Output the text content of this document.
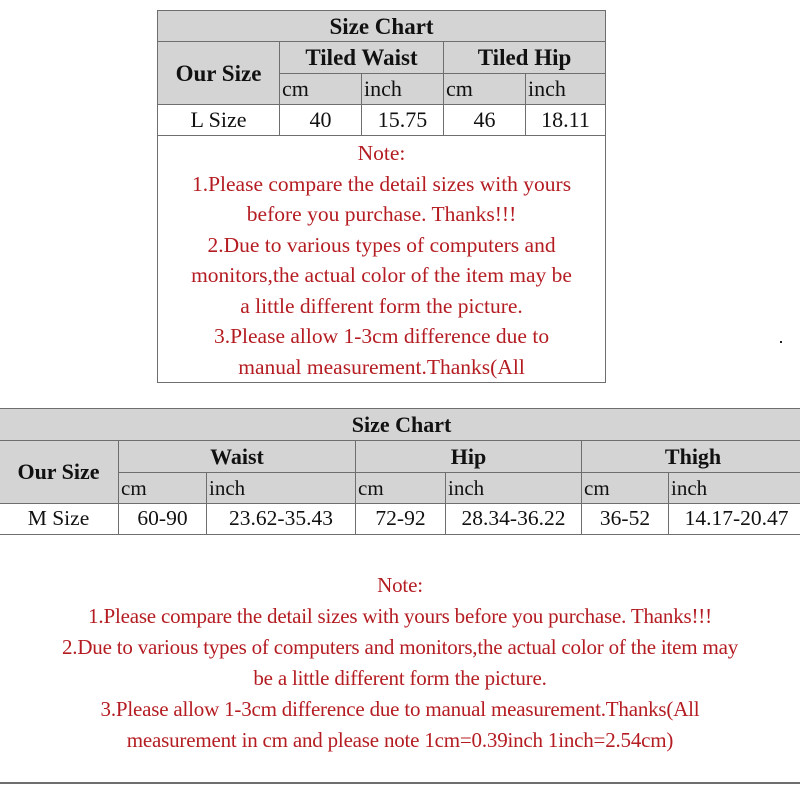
Size Chart				
Our Size	Tiled Waist		Tiled Hip	
	cm	inch	cm	inch
L Size	40	15.75	46	18.11

Note:
1.Please compare the detail sizes with yours
before you purchase. Thanks!!!
2.Due to various types of computers and
monitors,the actual color of the item may be
a little different form the picture.
3.Please allow 1-3cm difference due to
manual measurement.Thanks(All
Size Chart						
Our Size	Waist		Hip		Thigh	
	cm	inch	cm	inch	cm	inch
M Size	60-90	23.62-35.43	72-92	28.34-36.22	36-52	14.17-20.47
Note:
1.Please compare the detail sizes with yours before you purchase. Thanks!!!
2.Due to various types of computers and monitors,the actual color of the item may
be a little different form the picture.
3.Please allow 1-3cm difference due to manual measurement.Thanks(All
measurement in cm and please note 1cm=0.39inch 1inch=2.54cm)
